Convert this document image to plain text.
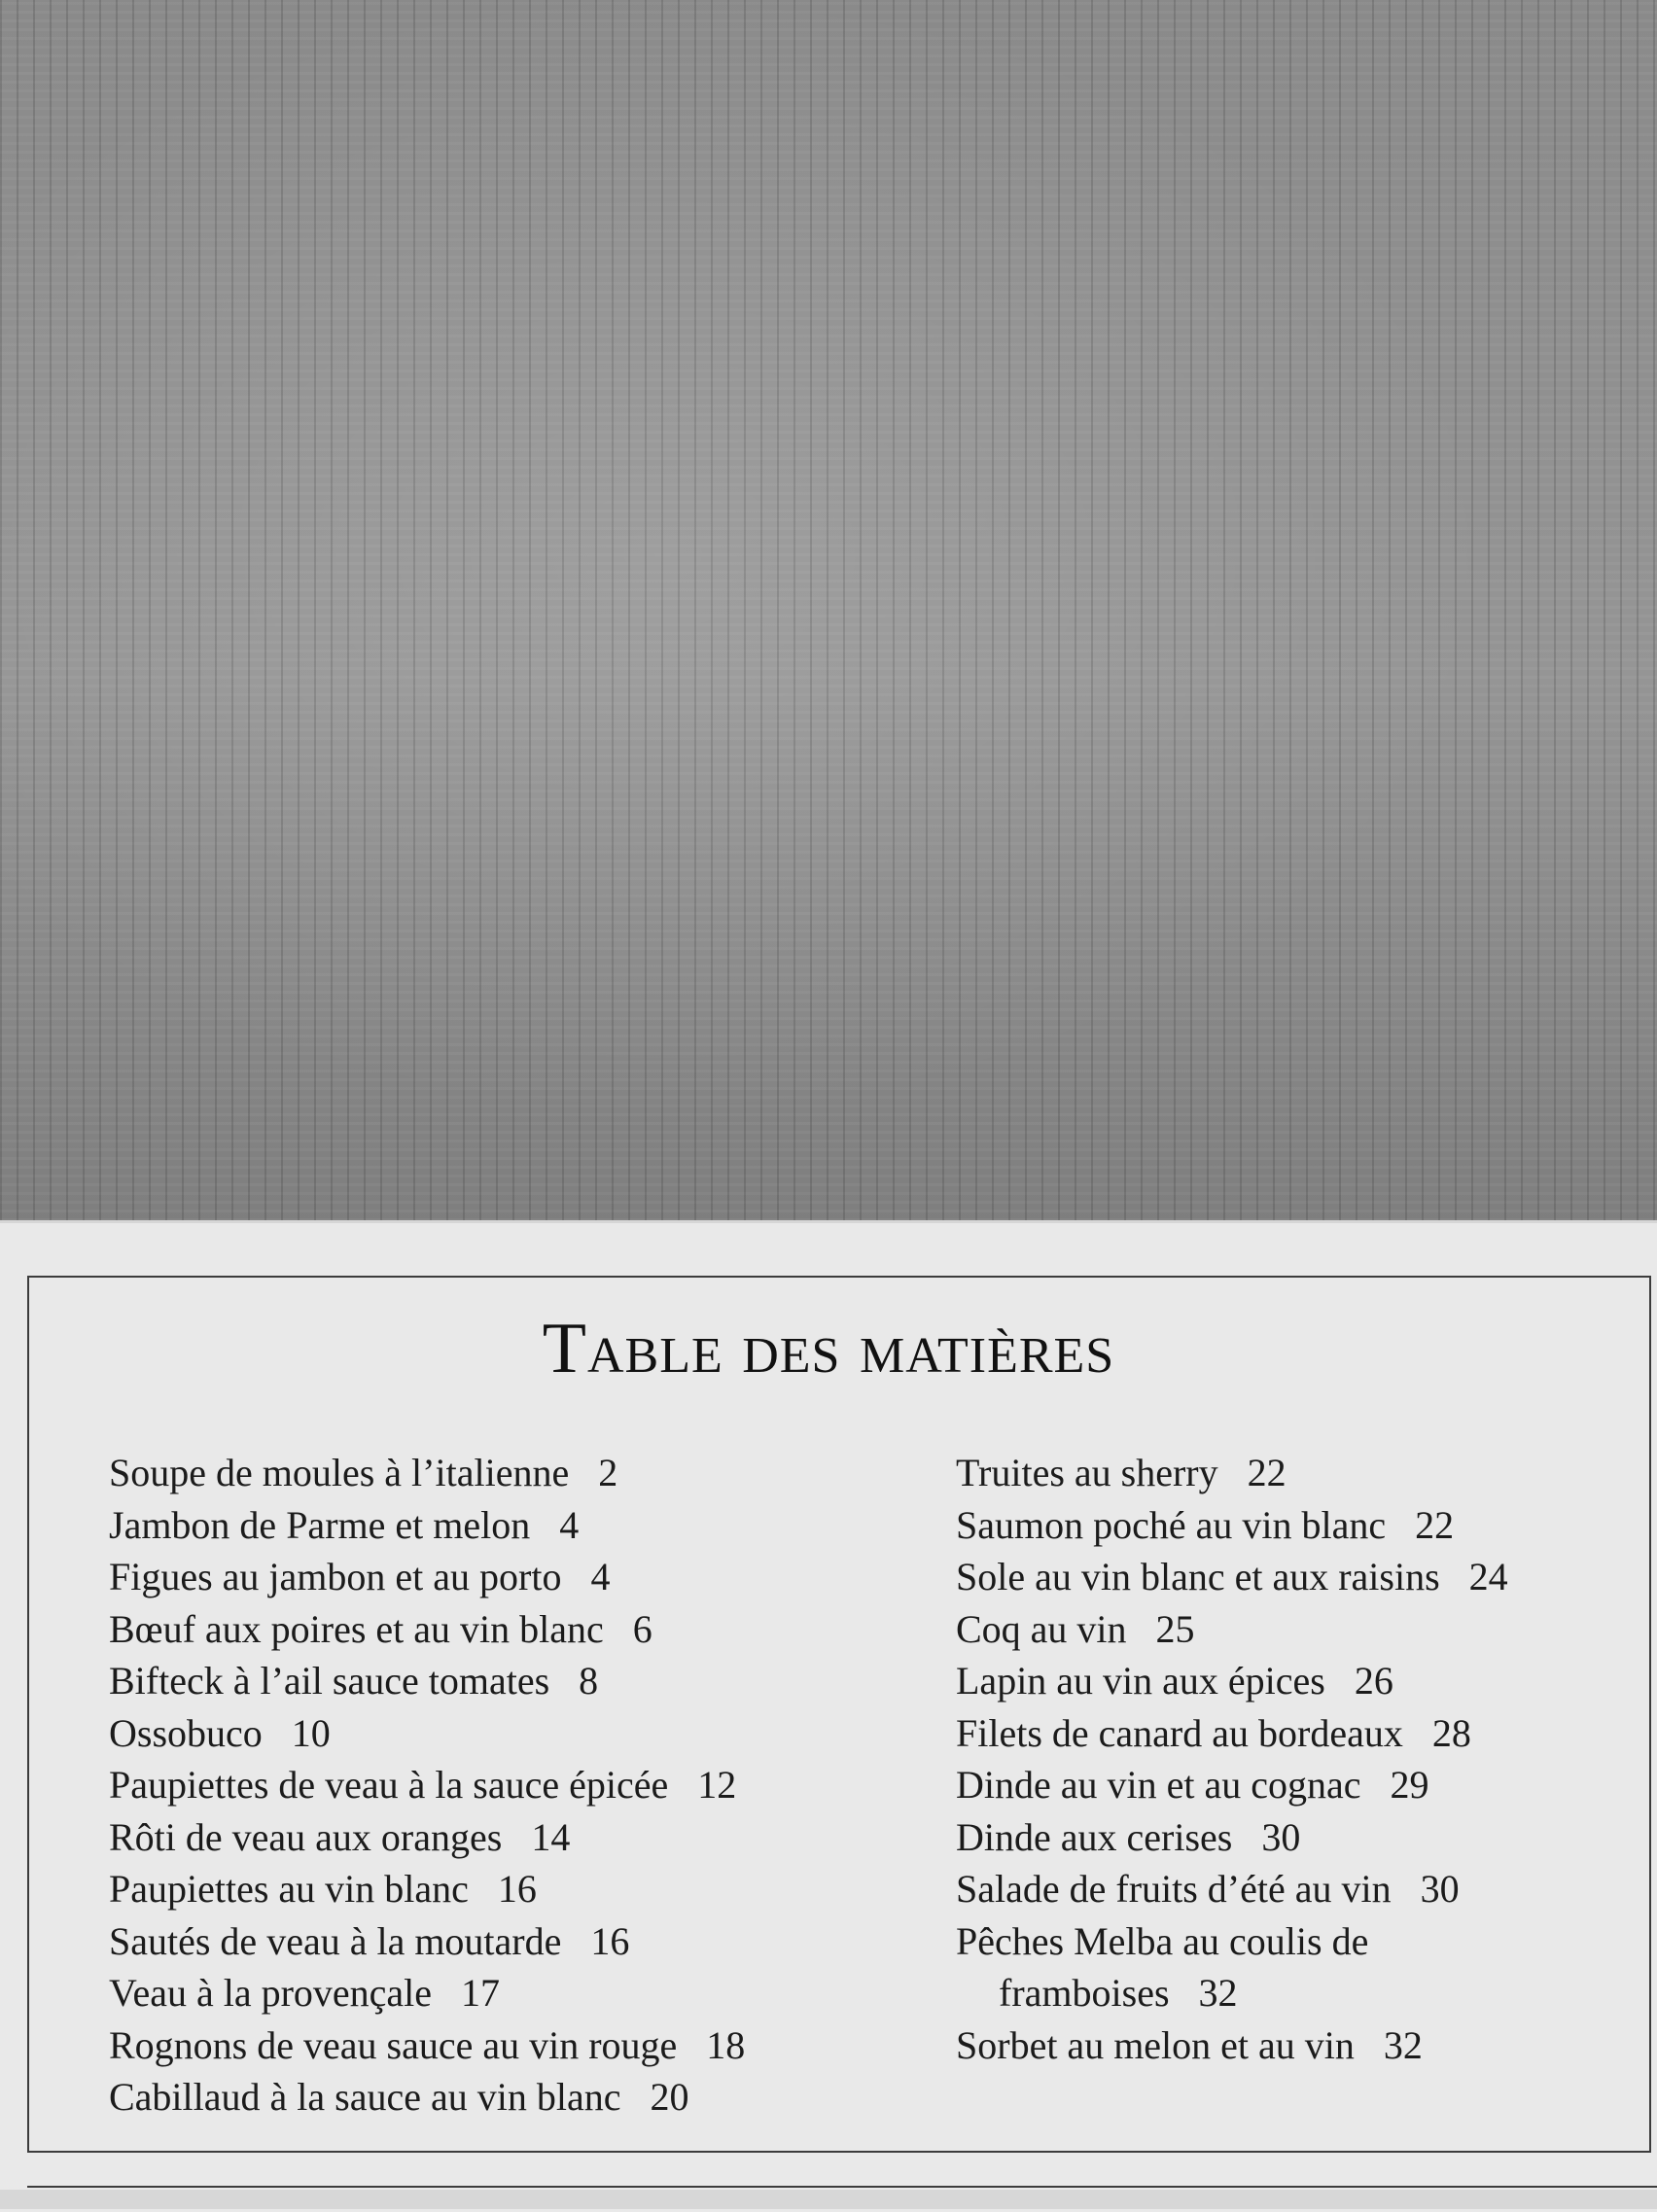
Table des matières
Soupe de moules à l’italienne 2
Jambon de Parme et melon 4
Figues au jambon et au porto 4
Bœuf aux poires et au vin blanc 6
Bifteck à l’ail sauce tomates 8
Ossobuco 10
Paupiettes de veau à la sauce épicée 12
Rôti de veau aux oranges 14
Paupiettes au vin blanc 16
Sautés de veau à la moutarde 16
Veau à la provençale 17
Rognons de veau sauce au vin rouge 18
Cabillaud à la sauce au vin blanc 20
Truites au sherry 22
Saumon poché au vin blanc 22
Sole au vin blanc et aux raisins 24
Coq au vin 25
Lapin au vin aux épices 26
Filets de canard au bordeaux 28
Dinde au vin et au cognac 29
Dinde aux cerises 30
Salade de fruits d’été au vin 30
Pêches Melba au coulis de
framboises 32
Sorbet au melon et au vin 32
